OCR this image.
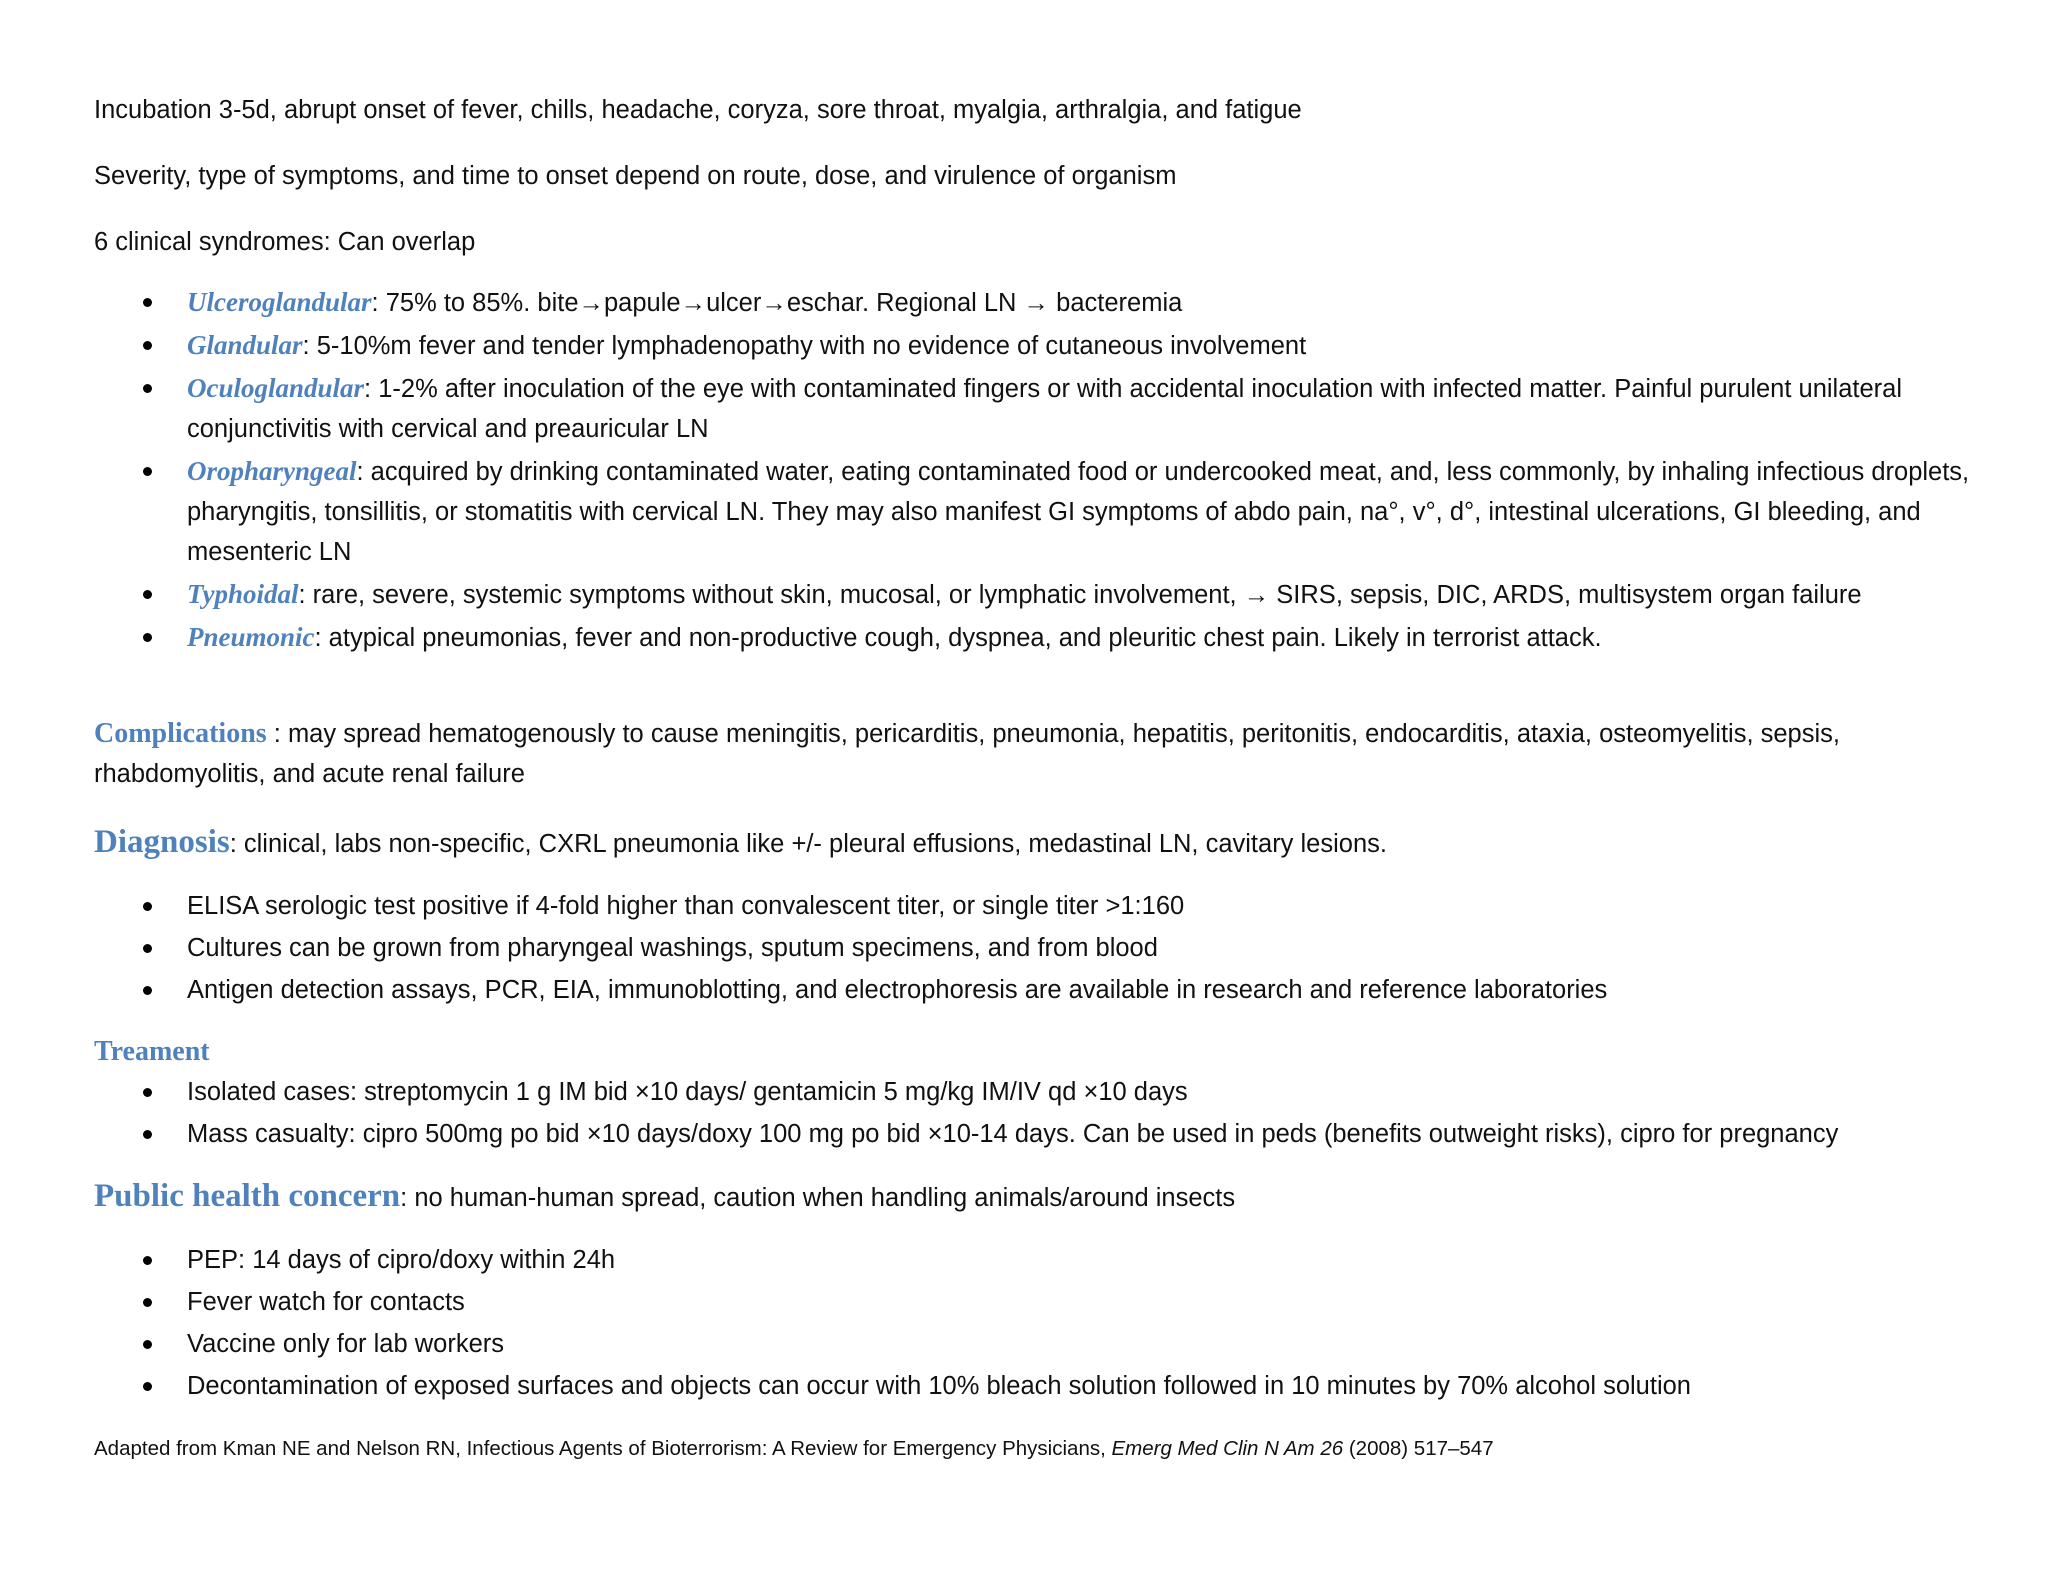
Incubation 3-5d, abrupt onset of fever, chills, headache, coryza, sore throat, myalgia, arthralgia, and fatigue

Severity, type of symptoms, and time to onset depend on route, dose, and virulence of organism

6 clinical syndromes: Can overlap

Ulceroglandular: 75% to 85%. bite→papule→ulcer→eschar. Regional LN → bacteremia
Glandular: 5-10%m fever and tender lymphadenopathy with no evidence of cutaneous involvement
Oculoglandular: 1-2% after inoculation of the eye with contaminated fingers or with accidental inoculation with infected matter. Painful purulent unilateral conjunctivitis with cervical and preauricular LN
Oropharyngeal: acquired by drinking contaminated water, eating contaminated food or undercooked meat, and, less commonly, by inhaling infectious droplets, pharyngitis, tonsillitis, or stomatitis with cervical LN. They may also manifest GI symptoms of abdo pain, na°, v°, d°, intestinal ulcerations, GI bleeding, and mesenteric LN
Typhoidal: rare, severe, systemic symptoms without skin, mucosal, or lymphatic involvement, → SIRS, sepsis, DIC, ARDS, multisystem organ failure
Pneumonic: atypical pneumonias, fever and non-productive cough, dyspnea, and pleuritic chest pain. Likely in terrorist attack.

Complications : may spread hematogenously to cause meningitis, pericarditis, pneumonia, hepatitis, peritonitis, endocarditis, ataxia, osteomyelitis, sepsis, rhabdomyolitis, and acute renal failure

Diagnosis: clinical, labs non-specific, CXRL pneumonia like +/- pleural effusions, medastinal LN, cavitary lesions.

ELISA serologic test positive if 4-fold higher than convalescent titer, or single titer >1:160
Cultures can be grown from pharyngeal washings, sputum specimens, and from blood
Antigen detection assays, PCR, EIA, immunoblotting, and electrophoresis are available in research and reference laboratories

Treament

Isolated cases: streptomycin 1 g IM bid ×10 days/ gentamicin 5 mg/kg IM/IV qd ×10 days
Mass casualty: cipro 500mg po bid ×10 days/doxy 100 mg po bid ×10-14 days. Can be used in peds (benefits outweight risks), cipro for pregnancy

Public health concern: no human-human spread, caution when handling animals/around insects

PEP: 14 days of cipro/doxy within 24h
Fever watch for contacts
Vaccine only for lab workers
Decontamination of exposed surfaces and objects can occur with 10% bleach solution followed in 10 minutes by 70% alcohol solution

Adapted from Kman NE and Nelson RN, Infectious Agents of Bioterrorism: A Review for Emergency Physicians, Emerg Med Clin N Am 26 (2008) 517–547
